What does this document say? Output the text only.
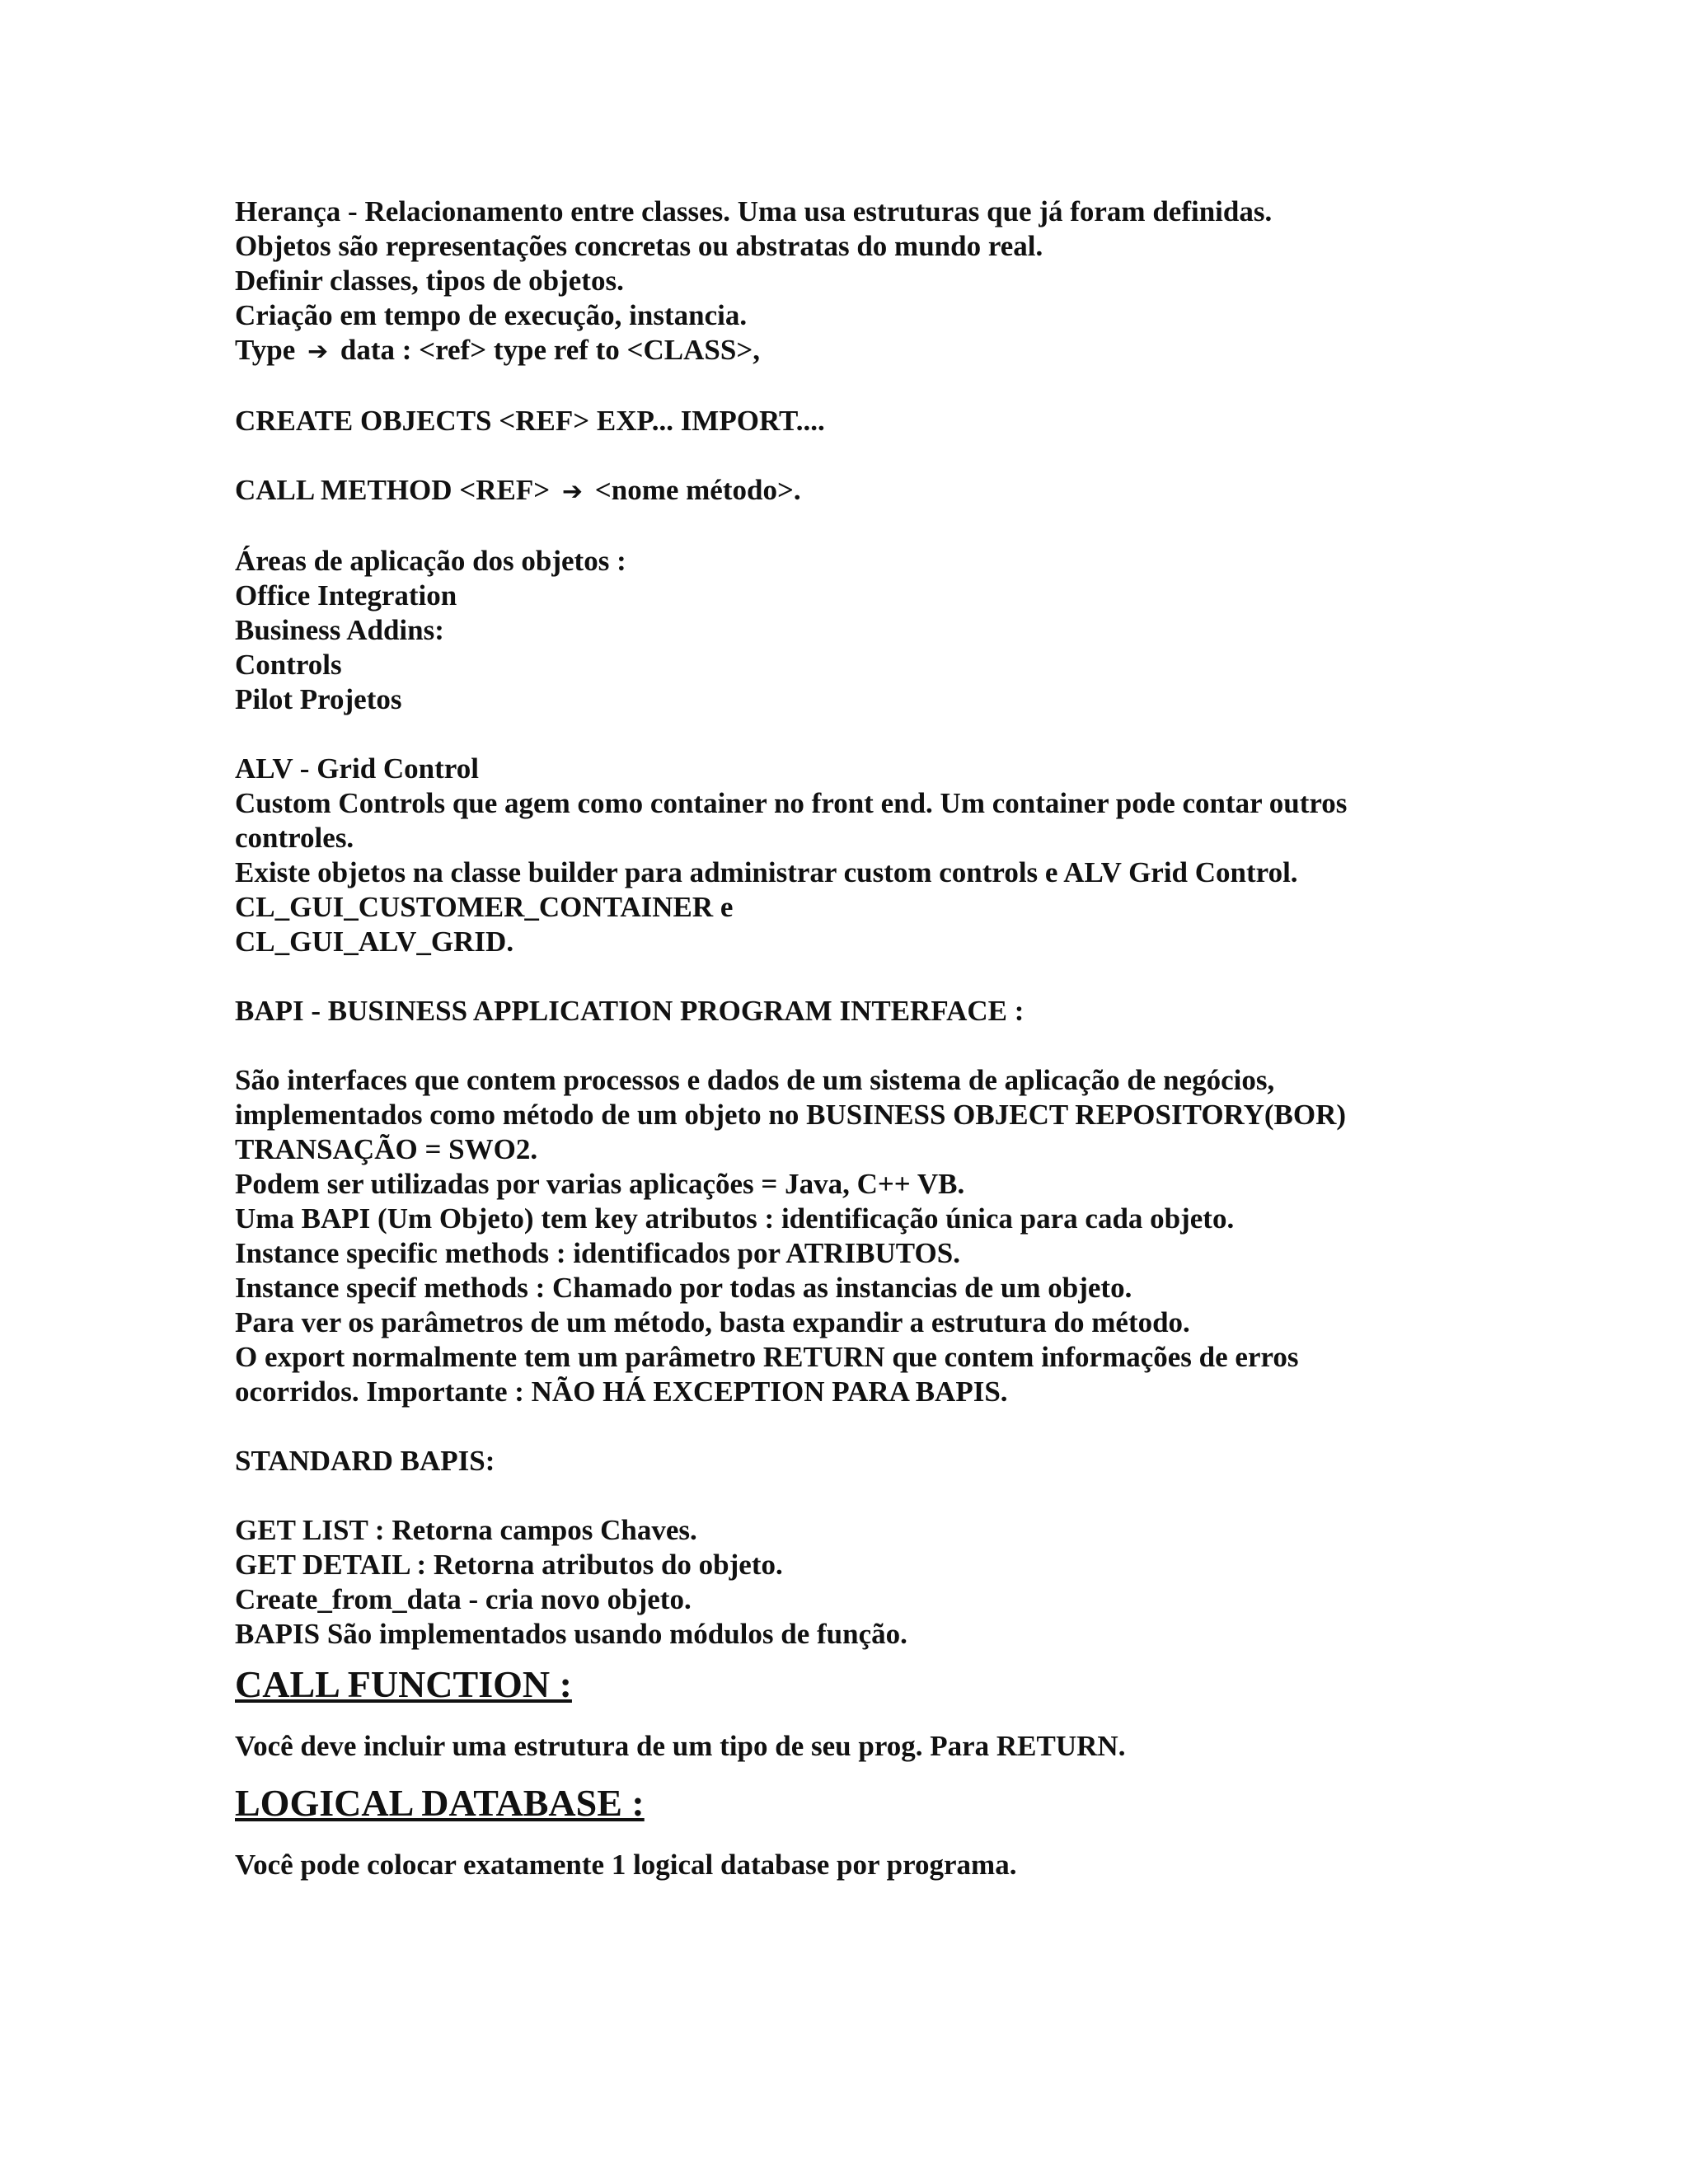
Herança - Relacionamento entre classes. Uma usa estruturas que já foram definidas.
Objetos são representações concretas ou abstratas do mundo real.
Definir classes, tipos de objetos.
Criação em tempo de execução, instancia.
Type ➔ data : <ref> type ref to <CLASS>,
CREATE OBJECTS <REF> EXP... IMPORT....
CALL METHOD <REF> ➔ <nome método>.
Áreas de aplicação dos objetos :
Office Integration
Business Addins:
Controls
Pilot Projetos
ALV - Grid Control
Custom Controls que agem como container no front end. Um container pode contar outros
controles.
Existe objetos na classe builder para administrar custom controls e ALV Grid Control.
CL_GUI_CUSTOMER_CONTAINER e
CL_GUI_ALV_GRID.
BAPI - BUSINESS APPLICATION PROGRAM INTERFACE :
São interfaces que contem processos e dados de um sistema de aplicação de negócios,
implementados como método de um objeto no BUSINESS OBJECT REPOSITORY(BOR)
TRANSAÇÃO = SWO2.
Podem ser utilizadas por varias aplicações = Java, C++ VB.
Uma BAPI (Um Objeto) tem key atributos : identificação única para cada objeto.
Instance specific methods : identificados por ATRIBUTOS.
Instance specif methods : Chamado por todas as instancias de um objeto.
Para ver os parâmetros de um método, basta expandir a estrutura do método.
O export normalmente tem um parâmetro RETURN que contem informações de erros
ocorridos. Importante : NÃO HÁ EXCEPTION PARA BAPIS.
STANDARD BAPIS:
GET LIST : Retorna campos Chaves.
GET DETAIL : Retorna atributos do objeto.
Create_from_data - cria novo objeto.
BAPIS São implementados usando módulos de função.
CALL FUNCTION :
Você deve incluir uma estrutura de um tipo de seu prog. Para RETURN.
LOGICAL DATABASE :
Você pode colocar exatamente 1 logical database por programa.
